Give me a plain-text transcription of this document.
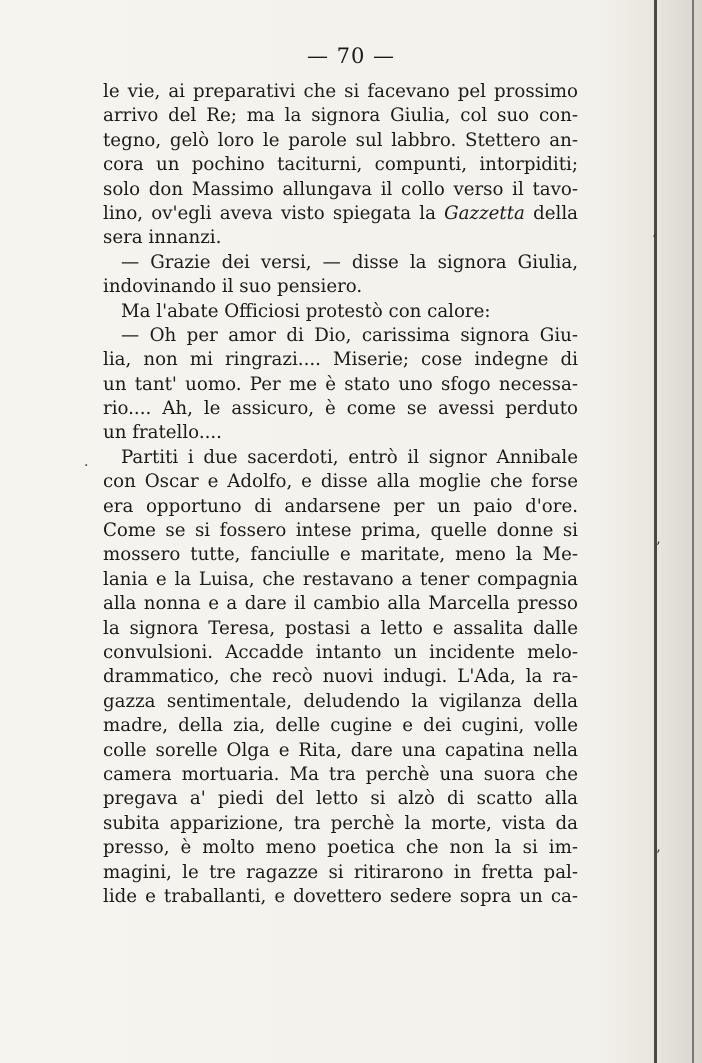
— 70 —
le vie, ai preparativi che si facevano pel prossimo
arrivo del Re; ma la signora Giulia, col suo con-
tegno, gelò loro le parole sul labbro. Stettero an-
cora un pochino taciturni, compunti, intorpiditi;
solo don Massimo allungava il collo verso il tavo-
lino, ov'egli aveva visto spiegata la Gazzetta della
sera innanzi.
— Grazie dei versi, — disse la signora Giulia,
indovinando il suo pensiero.
Ma l'abate Officiosi protestò con calore:
— Oh per amor di Dio, carissima signora Giu-
lia, non mi ringrazi.... Miserie; cose indegne di
un tant' uomo. Per me è stato uno sfogo necessa-
rio.... Ah, le assicuro, è come se avessi perduto
un fratello....
Partiti i due sacerdoti, entrò il signor Annibale
con Oscar e Adolfo, e disse alla moglie che forse
era opportuno di andarsene per un paio d'ore.
Come se si fossero intese prima, quelle donne si
mossero tutte, fanciulle e maritate, meno la Me-
lania e la Luisa, che restavano a tener compagnia
alla nonna e a dare il cambio alla Marcella presso
la signora Teresa, postasi a letto e assalita dalle
convulsioni. Accadde intanto un incidente melo-
drammatico, che recò nuovi indugi. L'Ada, la ra-
gazza sentimentale, deludendo la vigilanza della
madre, della zia, delle cugine e dei cugini, volle
colle sorelle Olga e Rita, dare una capatina nella
camera mortuaria. Ma tra perchè una suora che
pregava a' piedi del letto si alzò di scatto alla
subita apparizione, tra perchè la morte, vista da
presso, è molto meno poetica che non la si im-
magini, le tre ragazze si ritirarono in fretta pal-
lide e traballanti, e dovettero sedere sopra un ca-
‘
·
’
’
